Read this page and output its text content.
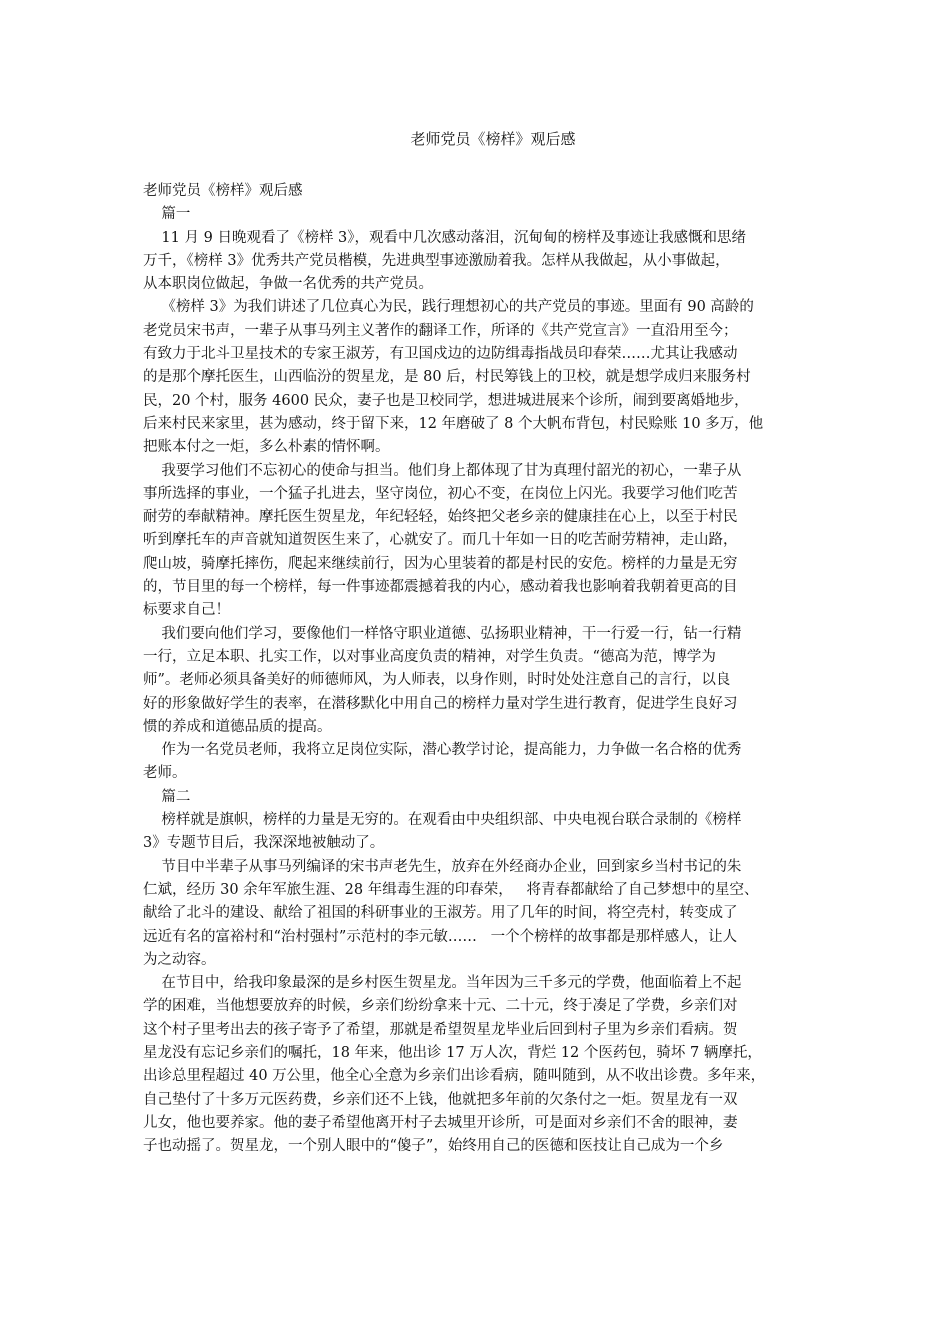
老师党员《榜样》观后感
老师党员《榜样》观后感
篇一
11 月 9 日晚观看了《榜样 3》，观看中几次感动落泪，沉甸甸的榜样及事迹让我感慨和思绪
万千，《榜样 3》优秀共产党员楷模，先进典型事迹激励着我。怎样从我做起，从小事做起，
从本职岗位做起，争做一名优秀的共产党员。
《榜样 3》为我们讲述了几位真心为民，践行理想初心的共产党员的事迹。里面有 90 高龄的
老党员宋书声，一辈子从事马列主义著作的翻译工作，所译的《共产党宣言》一直沿用至今；
有致力于北斗卫星技术的专家王淑芳，有卫国戍边的边防缉毒指战员印春荣……尤其让我感动
的是那个摩托医生，山西临汾的贺星龙，是 80 后，村民筹钱上的卫校，就是想学成归来服务村
民，20 个村，服务 4600 民众，妻子也是卫校同学，想进城进展来个诊所，闹到要离婚地步，
后来村民来家里，甚为感动，终于留下来，12 年磨破了 8 个大帆布背包，村民赊账 10 多万，他
把账本付之一炬，多么朴素的情怀啊。
我要学习他们不忘初心的使命与担当。他们身上都体现了甘为真理付韶光的初心，一辈子从
事所选择的事业，一个猛子扎进去，坚守岗位，初心不变，在岗位上闪光。我要学习他们吃苦
耐劳的奉献精神。摩托医生贺星龙，年纪轻轻，始终把父老乡亲的健康挂在心上，以至于村民
听到摩托车的声音就知道贺医生来了，心就安了。而几十年如一日的吃苦耐劳精神，走山路，
爬山坡，骑摩托摔伤，爬起来继续前行，因为心里装着的都是村民的安危。榜样的力量是无穷
的，节目里的每一个榜样，每一件事迹都震撼着我的内心，感动着我也影响着我朝着更高的目
标要求自己！
我们要向他们学习，要像他们一样恪守职业道德、弘扬职业精神，干一行爱一行，钻一行精
一行，立足本职、扎实工作，以对事业高度负责的精神，对学生负责。“德高为范，博学为
师”。老师必须具备美好的师德师风，为人师表，以身作则，时时处处注意自己的言行，以良
好的形象做好学生的表率，在潜移默化中用自己的榜样力量对学生进行教育，促进学生良好习
惯的养成和道德品质的提高。
作为一名党员老师，我将立足岗位实际，潜心教学讨论，提高能力，力争做一名合格的优秀
老师。
篇二
榜样就是旗帜，榜样的力量是无穷的。在观看由中央组织部、中央电视台联合录制的《榜样
3》专题节目后，我深深地被触动了。
节目中半辈子从事马列编译的宋书声老先生，放弃在外经商办企业，回到家乡当村书记的朱
仁斌，经历 30 余年军旅生涯、28 年缉毒生涯的印春荣，   将青春都献给了自己梦想中的星空、
献给了北斗的建设、献给了祖国的科研事业的王淑芳。用了几年的时间，将空壳村，转变成了
远近有名的富裕村和“治村强村”示范村的李元敏……   一个个榜样的故事都是那样感人，让人
为之动容。
在节目中，给我印象最深的是乡村医生贺星龙。当年因为三千多元的学费，他面临着上不起
学的困难，当他想要放弃的时候，乡亲们纷纷拿来十元、二十元，终于凑足了学费，乡亲们对
这个村子里考出去的孩子寄予了希望，那就是希望贺星龙毕业后回到村子里为乡亲们看病。贺
星龙没有忘记乡亲们的嘱托，18 年来，他出诊 17 万人次，背烂 12 个医药包，骑坏 7 辆摩托，
出诊总里程超过 40 万公里，他全心全意为乡亲们出诊看病，随叫随到，从不收出诊费。多年来，
自己垫付了十多万元医药费，乡亲们还不上钱，他就把多年前的欠条付之一炬。贺星龙有一双
儿女，他也要养家。他的妻子希望他离开村子去城里开诊所，可是面对乡亲们不舍的眼神，妻
子也动摇了。贺星龙，一个别人眼中的“傻子”，始终用自己的医德和医技让自己成为一个乡
